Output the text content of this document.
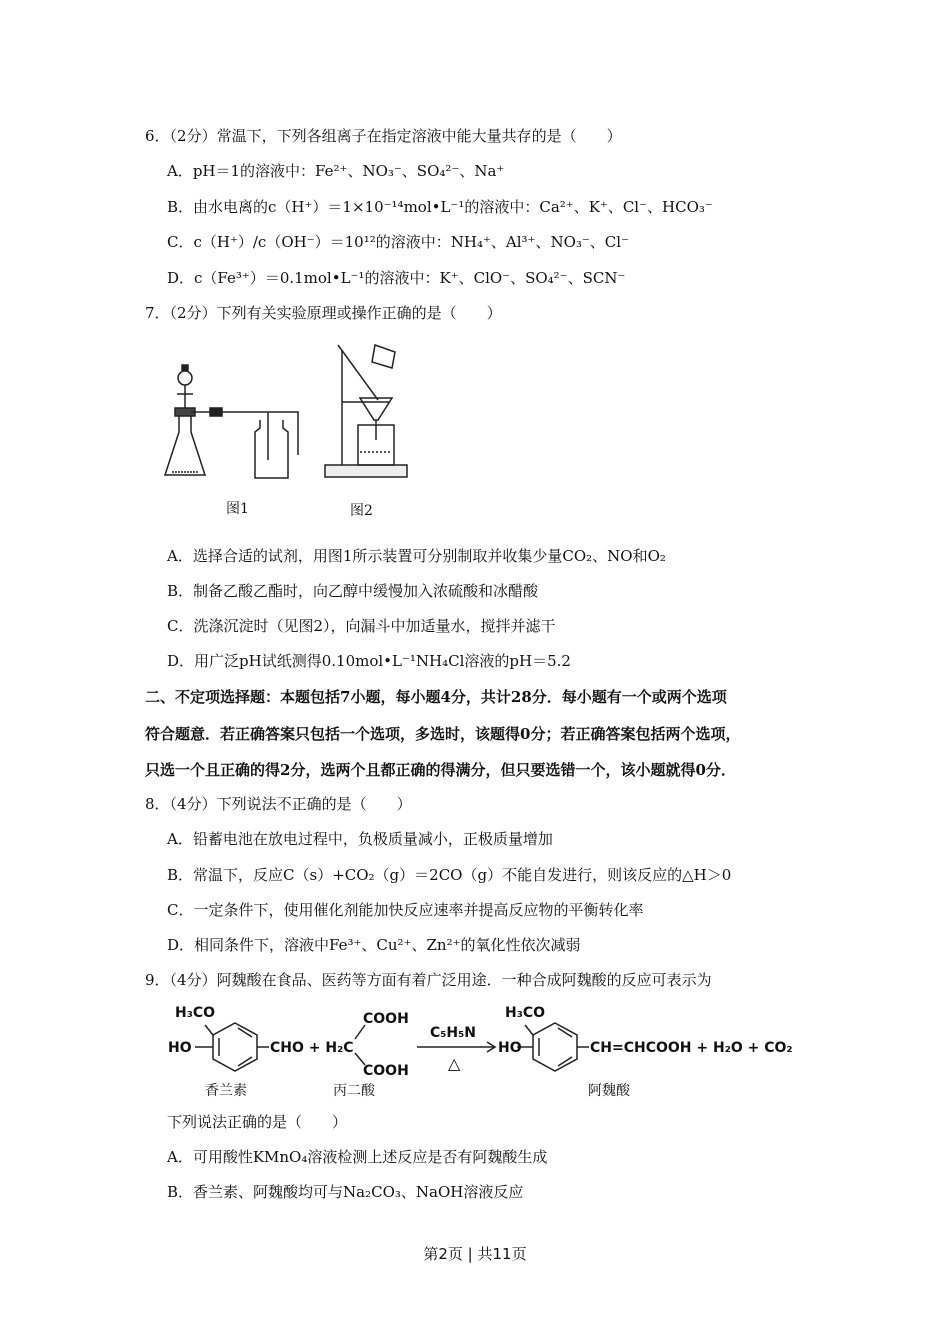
6．（2分）常温下，下列各组离子在指定溶液中能大量共存的是（　　）
A．pH＝1的溶液中：Fe²⁺、NO₃⁻、SO₄²⁻、Na⁺
B．由水电离的c（H⁺）＝1×10⁻¹⁴mol•L⁻¹的溶液中：Ca²⁺、K⁺、Cl⁻、HCO₃⁻
C．c（H⁺）/c（OH⁻）＝10¹²的溶液中：NH₄⁺、Al³⁺、NO₃⁻、Cl⁻
D．c（Fe³⁺）＝0.1mol•L⁻¹的溶液中：K⁺、ClO⁻、SO₄²⁻、SCN⁻
7．（2分）下列有关实验原理或操作正确的是（　　）
图1	图2
A．选择合适的试剂，用图1所示装置可分别制取并收集少量CO₂、NO和O₂
B．制备乙酸乙酯时，向乙醇中缓慢加入浓硫酸和冰醋酸
C．洗涤沉淀时（见图2），向漏斗中加适量水，搅拌并滤干
D．用广泛pH试纸测得0.10mol•L⁻¹NH₄Cl溶液的pH＝5.2
二、不定项选择题：本题包括7小题，每小题4分，共计28分．每小题有一个或两个选项
符合题意．若正确答案只包括一个选项，多选时，该题得0分；若正确答案包括两个选项，
只选一个且正确的得2分，选两个且都正确的得满分，但只要选错一个，该小题就得0分．
8．（4分）下列说法不正确的是（　　）
A．铅蓄电池在放电过程中，负极质量减小，正极质量增加
B．常温下，反应C（s）+CO₂（g）＝2CO（g）不能自发进行，则该反应的△H＞0
C．一定条件下，使用催化剂能加快反应速率并提高反应物的平衡转化率
D．相同条件下，溶液中Fe³⁺、Cu²⁺、Zn²⁺的氧化性依次减弱
9．（4分）阿魏酸在食品、医药等方面有着广泛用途．一种合成阿魏酸的反应可表示为
H₃CO
HO	CHO + H₂C
COOH
COOH
C₅H₅N
△
H₃CO
HO	CH=CHCOOH + H₂O + CO₂
香兰素	丙二酸	阿魏酸
下列说法正确的是（　　）
A．可用酸性KMnO₄溶液检测上述反应是否有阿魏酸生成
B．香兰素、阿魏酸均可与Na₂CO₃、NaOH溶液反应
第2页 | 共11页
